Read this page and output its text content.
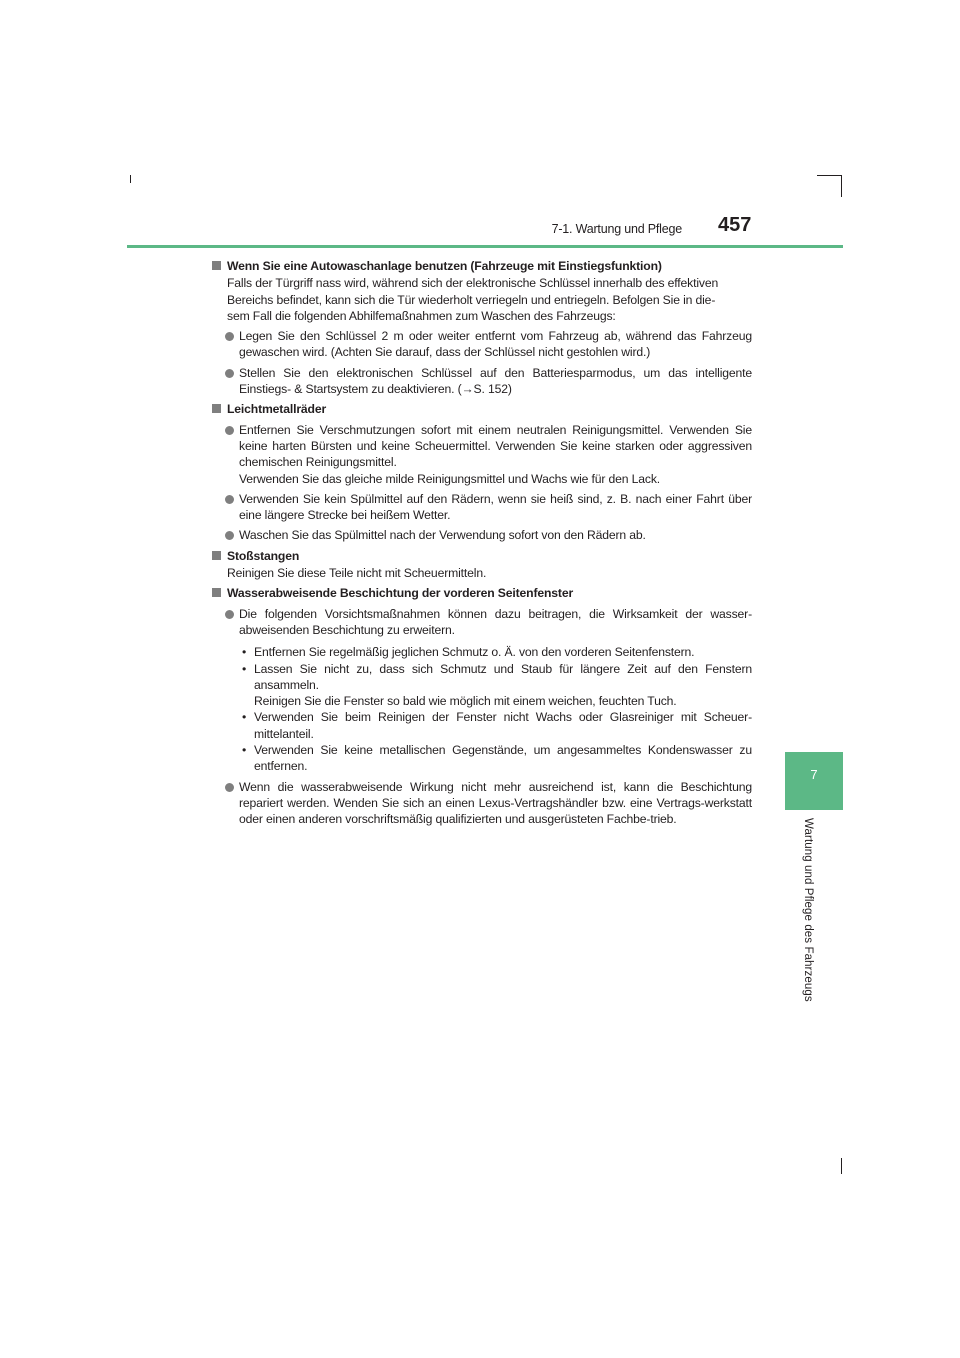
7-1. Wartung und Pflege 457
7
Wartung und Pflege des Fahrzeugs
Wenn Sie eine Autowaschanlage benutzen (Fahrzeuge mit Einstiegsfunktion)
Falls der Türgriff nass wird, während sich der elektronische Schlüssel innerhalb des effektiven
Bereichs befindet, kann sich die Tür wiederholt verriegeln und entriegeln. Befolgen Sie in die-
sem Fall die folgenden Abhilfemaßnahmen zum Waschen des Fahrzeugs:
Legen Sie den Schlüssel 2 m oder weiter entfernt vom Fahrzeug ab, während das Fahrzeug gewaschen wird. (Achten Sie darauf, dass der Schlüssel nicht gestohlen wird.)
Stellen Sie den elektronischen Schlüssel auf den Batteriesparmodus, um das intelligente Einstiegs- & Startsystem zu deaktivieren. (→S. 152)
Leichtmetallräder
Entfernen Sie Verschmutzungen sofort mit einem neutralen Reinigungsmittel. Verwenden Sie keine harten Bürsten und keine Scheuermittel. Verwenden Sie keine starken oder aggressiven chemischen Reinigungsmittel.
Verwenden Sie das gleiche milde Reinigungsmittel und Wachs wie für den Lack.
Verwenden Sie kein Spülmittel auf den Rädern, wenn sie heiß sind, z. B. nach einer Fahrt über eine längere Strecke bei heißem Wetter.
Waschen Sie das Spülmittel nach der Verwendung sofort von den Rädern ab.
Stoßstangen
Reinigen Sie diese Teile nicht mit Scheuermitteln.
Wasserabweisende Beschichtung der vorderen Seitenfenster
Die folgenden Vorsichtsmaßnahmen können dazu beitragen, die Wirksamkeit der wasser-abweisenden Beschichtung zu erweitern.
• Entfernen Sie regelmäßig jeglichen Schmutz o. Ä. von den vorderen Seitenfenstern.
• Lassen Sie nicht zu, dass sich Schmutz und Staub für längere Zeit auf den Fenstern ansammeln.
Reinigen Sie die Fenster so bald wie möglich mit einem weichen, feuchten Tuch.
• Verwenden Sie beim Reinigen der Fenster nicht Wachs oder Glasreiniger mit Scheuer-mittelanteil.
• Verwenden Sie keine metallischen Gegenstände, um angesammeltes Kondenswasser zu entfernen.
Wenn die wasserabweisende Wirkung nicht mehr ausreichend ist, kann die Beschichtung repariert werden. Wenden Sie sich an einen Lexus-Vertragshändler bzw. eine Vertrags-werkstatt oder einen anderen vorschriftsmäßig qualifizierten und ausgerüsteten Fachbe-trieb.
